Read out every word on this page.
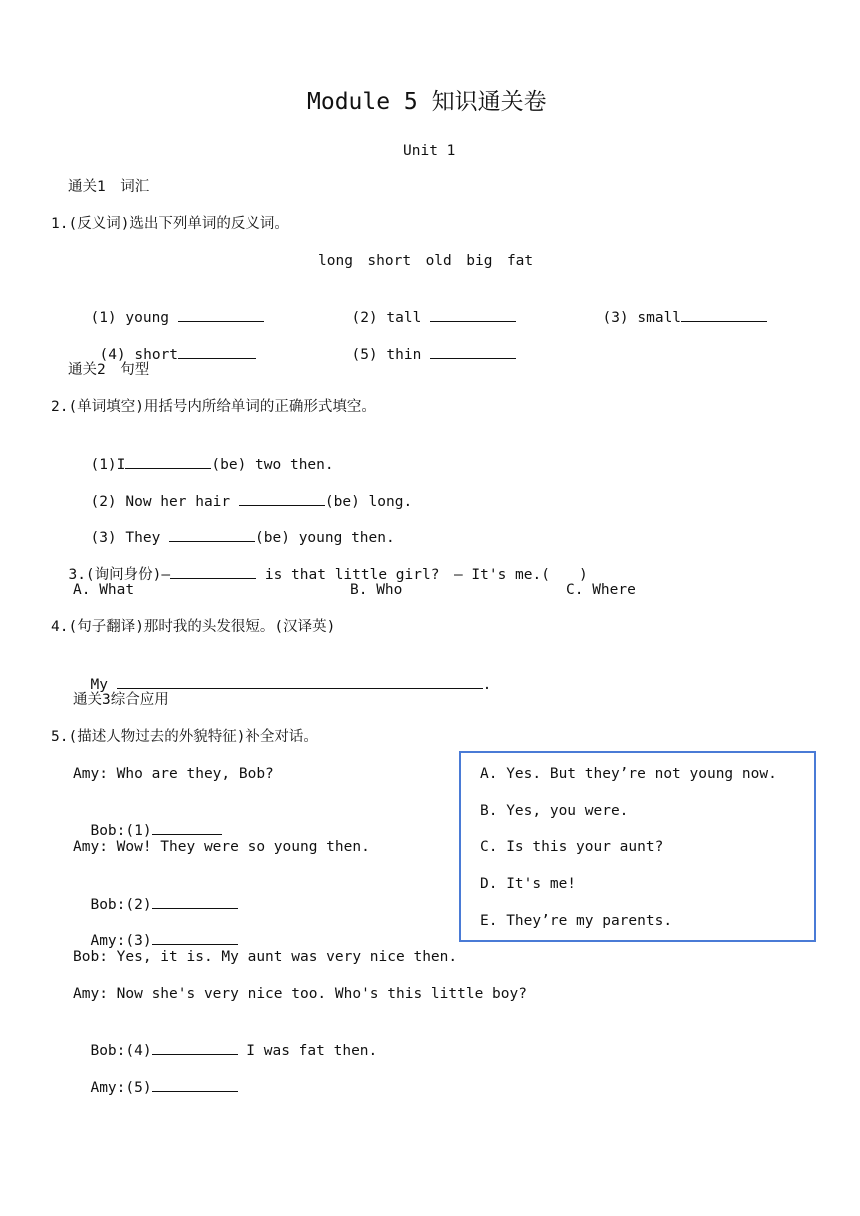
Module 5 知识通关卷
Unit 1
通关1　词汇
1.(反义词)选出下列单词的反义词。
long　short　old　big　fat

(1) young	(2) tall	(3) small

(4) short	(5) thin

通关2　句型
2.(单词填空)用括号内所给单词的正确形式填空。

(1)I	(be) two then.

(2) Now her hair	(be) long.

(3) They	(be) young then.

3.(询问身份)—	is that little girl?　— It's me.(　　)

A. What	B. Who	C. Where
4.(句子翻译)那时我的头发很短。(汉译英)

My	.

通关3综合应用
5.(描述人物过去的外貌特征)补全对话。
Amy: Who are they, Bob?

Bob:(1)

Amy: Wow! They were so young then.

Bob:(2)

Amy:(3)

Bob: Yes, it is. My aunt was very nice then.
Amy: Now she's very nice too. Who's this little boy?

Bob:(4)	I was fat then.

Amy:(5)

A. Yes. But they’re not young now.
B. Yes, you were.
C. Is this your aunt?
D. It's me!
E. They’re my parents.
